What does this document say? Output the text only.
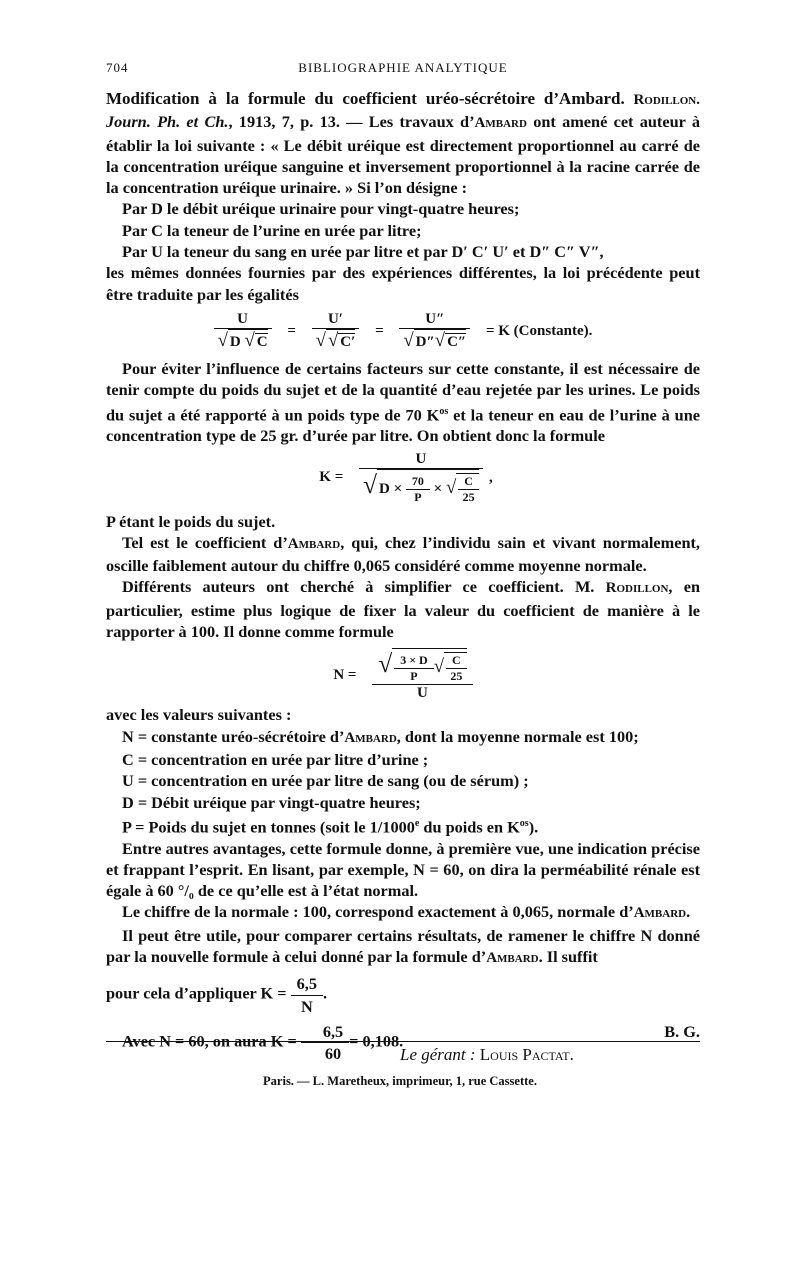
704	BIBLIOGRAPHIE ANALYTIQUE

Modification à la formule du coefficient uréo-sécrétoire d’Ambard. Rodillon. Journ. Ph. et Ch., 1913, 7, p. 13. — Les travaux d’Ambard ont amené cet auteur à établir la loi suivante : « Le débit uréique est directement proportionnel au carré de la concentration uréique sanguine et inversement proportionnel à la racine carrée de la concentration uréique urinaire. » Si l’on désigne :

Par D le débit uréique urinaire pour vingt-quatre heures;

Par C la teneur de l’urine en urée par litre;

Par U la teneur du sang en urée par litre et par D′ C′ U′ et D″ C″ V″,

les mêmes données fournies par des expériences différentes, la loi précédente peut être traduite par les égalités

$\frac{U}{√ D √ C} = \frac{U'}{√ √ C'} = \frac{U''}{√ D''√ C''} = K$ (Constante).

Pour éviter l’influence de certains facteurs sur cette constante, il est nécessaire de tenir compte du poids du sujet et de la quantité d’eau rejetée par les urines. Le poids du sujet a été rapporté à un poids type de 70 $K^{os}$ et la teneur en eau de l’urine à une concentration type de 25 gr. d’urée par litre. On obtient donc la formule

$K = \frac{U}{√ D \times \frac{70}{P} \times √ \frac{C}{25}}$ ,

P étant le poids du sujet.

Tel est le coefficient d’Ambard, qui, chez l’individu sain et vivant normalement, oscille faiblement autour du chiffre 0,065 considéré comme moyenne normale.

Différents auteurs ont cherché à simplifier ce coefficient. M. Rodillon, en particulier, estime plus logique de fixer la valeur du coefficient de manière à le rapporter à 100. Il donne comme formule

$N = \frac{√ \frac{3 \times D}{P} √ \frac{C}{25}}{U}$

avec les valeurs suivantes :

N = constante uréo-sécrétoire d’Ambard, dont la moyenne normale est 100;

C = concentration en urée par litre d’urine ;

U = concentration en urée par litre de sang (ou de sérum) ;

D = Débit uréique par vingt-quatre heures;

P = Poids du sujet en tonnes (soit le 1/1000e du poids en $K^{os}$).

Entre autres avantages, cette formule donne, à première vue, une indication précise et frappant l’esprit. En lisant, par exemple, N = 60, on dira la perméabilité rénale est égale à 60 °/₀ de ce qu’elle est à l’état normal.

Le chiffre de la normale : 100, correspond exactement à 0,065, normale d’Ambard.

Il peut être utile, pour comparer certains résultats, de ramener le chiffre N donné par la nouvelle formule à celui donné par la formule d’Ambard. Il suffit

pour cela d’appliquer $K = \frac{6,5}{N}$ .

Avec N = 60, on aura $K = \frac{6,5}{60} = 0,108$.
B. G.

Le gérant : Louis Pactat.
Paris. — L. Maretheux, imprimeur, 1, rue Cassette.
